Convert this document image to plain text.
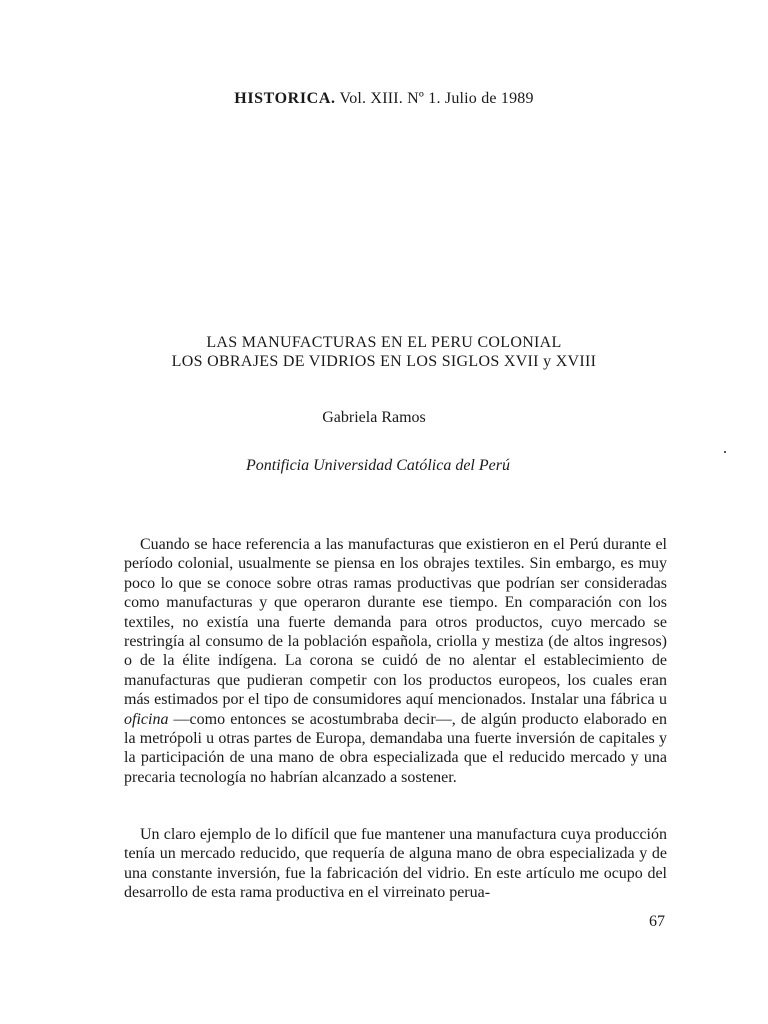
HISTORICA. Vol. XIII. Nº 1. Julio de 1989
LAS MANUFACTURAS EN EL PERU COLONIAL
LOS OBRAJES DE VIDRIOS EN LOS SIGLOS XVII y XVIII
Gabriela Ramos
Pontificia Universidad Católica del Perú

Cuando se hace referencia a las manufacturas que existieron en el Perú durante el período colonial, usualmente se piensa en los obrajes textiles. Sin embargo, es muy poco lo que se conoce sobre otras ramas productivas que podrían ser consideradas como manufacturas y que operaron durante ese tiempo. En comparación con los textiles, no existía una fuerte demanda para otros productos, cuyo mercado se restringía al consumo de la población española, criolla y mestiza (de altos ingresos) o de la élite indígena. La corona se cuidó de no alentar el establecimiento de manufacturas que pudieran competir con los productos europeos, los cuales eran más estimados por el tipo de consumidores aquí mencionados. Instalar una fábrica u oficina —como entonces se acostumbraba decir—, de algún producto elaborado en la metrópoli u otras partes de Europa, demandaba una fuerte inversión de capitales y la participación de una mano de obra especializada que el reducido mercado y una precaria tecnología no habrían alcanzado a sostener.

Un claro ejemplo de lo difícil que fue mantener una manufactura cuya producción tenía un mercado reducido, que requería de alguna mano de obra especializada y de una constante inversión, fue la fabricación del vidrio. En este artículo me ocupo del desarrollo de esta rama productiva en el virreinato perua-

67
